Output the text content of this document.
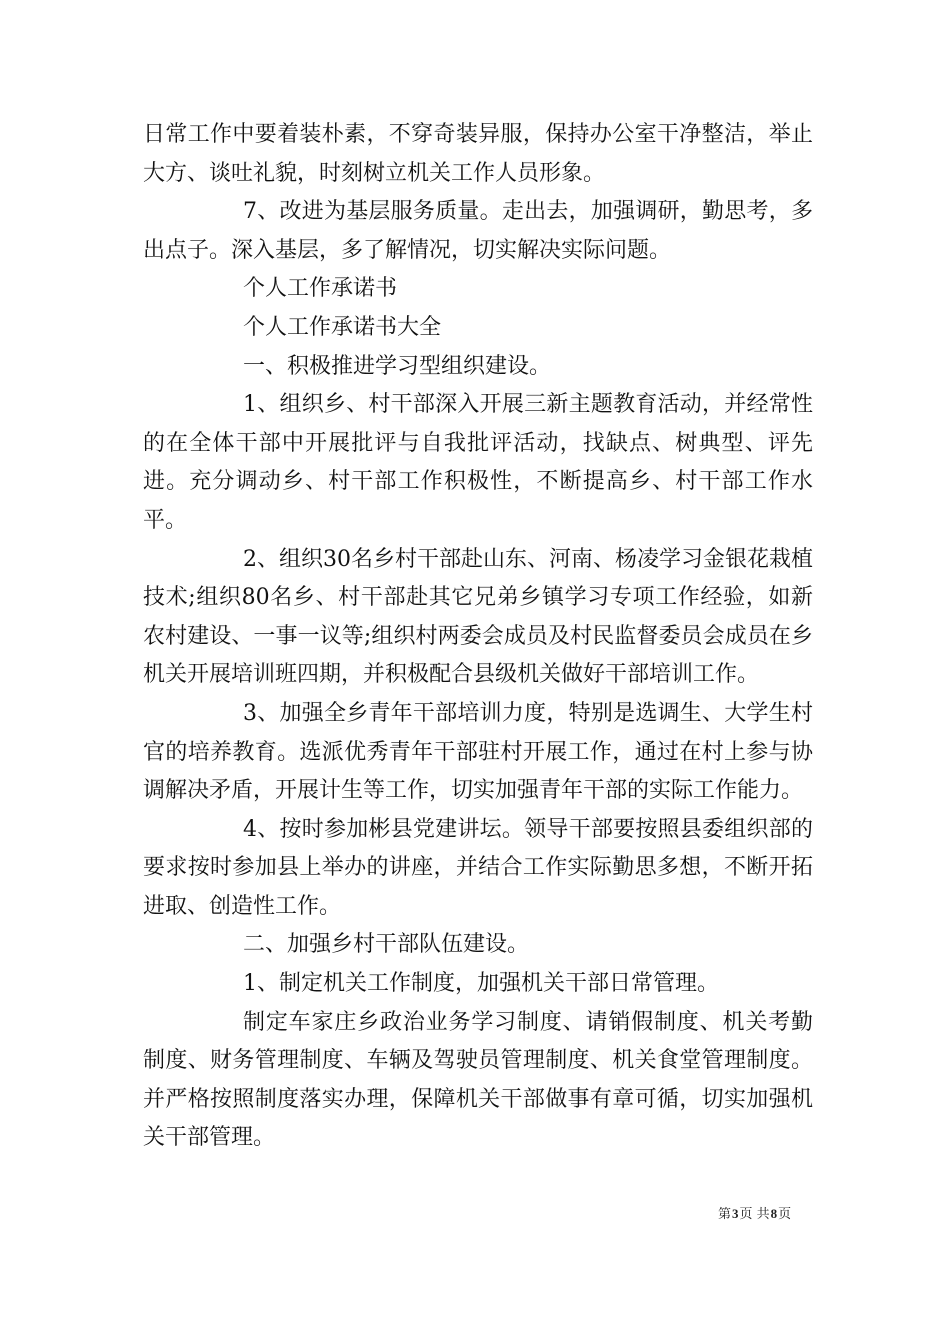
日常工作中要着装朴素，不穿奇装异服，保持办公室干净整洁，举止大方、谈吐礼貌，时刻树立机关工作人员形象。

7、改进为基层服务质量。走出去，加强调研，勤思考，多出点子。深入基层，多了解情况，切实解决实际问题。

个人工作承诺书

个人工作承诺书大全

一、积极推进学习型组织建设。

1、组织乡、村干部深入开展三新主题教育活动，并经常性的在全体干部中开展批评与自我批评活动，找缺点、树典型、评先进。充分调动乡、村干部工作积极性，不断提高乡、村干部工作水平。

2、组织30名乡村干部赴山东、河南、杨凌学习金银花栽植技术;组织80名乡、村干部赴其它兄弟乡镇学习专项工作经验，如新农村建设、一事一议等;组织村两委会成员及村民监督委员会成员在乡机关开展培训班四期，并积极配合县级机关做好干部培训工作。

3、加强全乡青年干部培训力度，特别是选调生、大学生村官的培养教育。选派优秀青年干部驻村开展工作，通过在村上参与协调解决矛盾，开展计生等工作，切实加强青年干部的实际工作能力。

4、按时参加彬县党建讲坛。领导干部要按照县委组织部的要求按时参加县上举办的讲座，并结合工作实际勤思多想，不断开拓进取、创造性工作。

二、加强乡村干部队伍建设。

1、制定机关工作制度，加强机关干部日常管理。

制定车家庄乡政治业务学习制度、请销假制度、机关考勤制度、财务管理制度、车辆及驾驶员管理制度、机关食堂管理制度。并严格按照制度落实办理，保障机关干部做事有章可循，切实加强机关干部管理。

第3页 共8页
